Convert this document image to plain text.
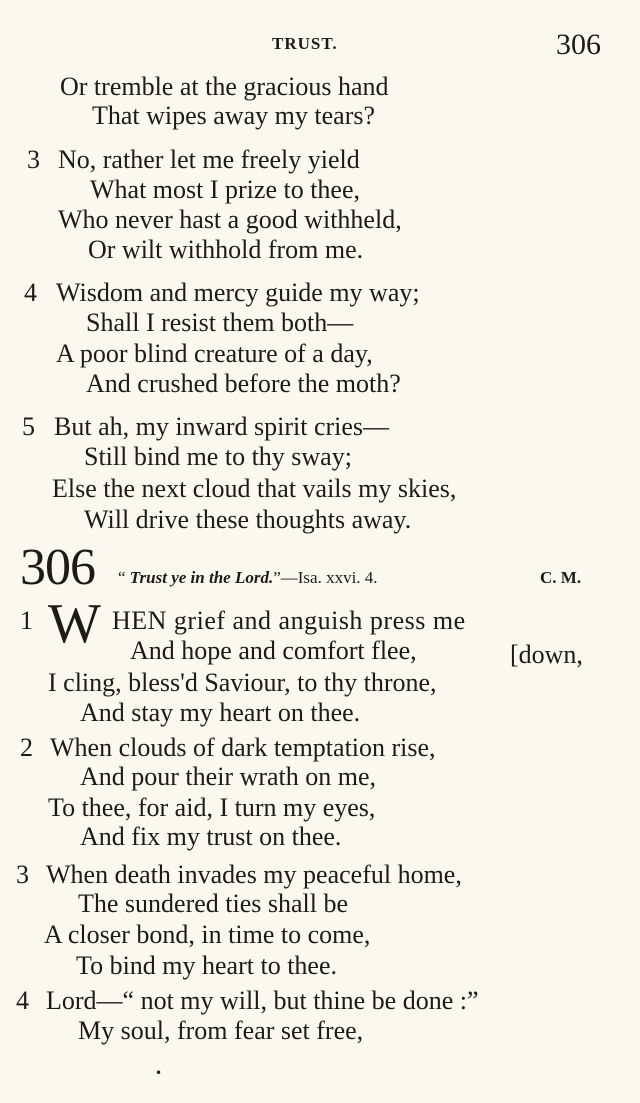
TRUST.	306
Or tremble at the gracious hand
That wipes away my tears?
3 No, rather let me freely yield
What most I prize to thee,
Who never hast a good withheld,
Or wilt withhold from me.
4 Wisdom and mercy guide my way;
Shall I resist them both—
A poor blind creature of a day,
And crushed before the moth?
5 But ah, my inward spirit cries—
Still bind me to thy sway;
Else the next cloud that vails my skies,
Will drive these thoughts away.
306 “ Trust ye in the Lord.”—Isa. xxvi. 4.	C. M.
1 W HEN grief and anguish press me
And hope and comfort flee,	[down,
I cling, bless'd Saviour, to thy throne,
And stay my heart on thee.
2 When clouds of dark temptation rise,
And pour their wrath on me,
To thee, for aid, I turn my eyes,
And fix my trust on thee.
3 When death invades my peaceful home,
The sundered ties shall be
A closer bond, in time to come,
To bind my heart to thee.
4 Lord—“ not my will, but thine be done :”
My soul, from fear set free,
•
